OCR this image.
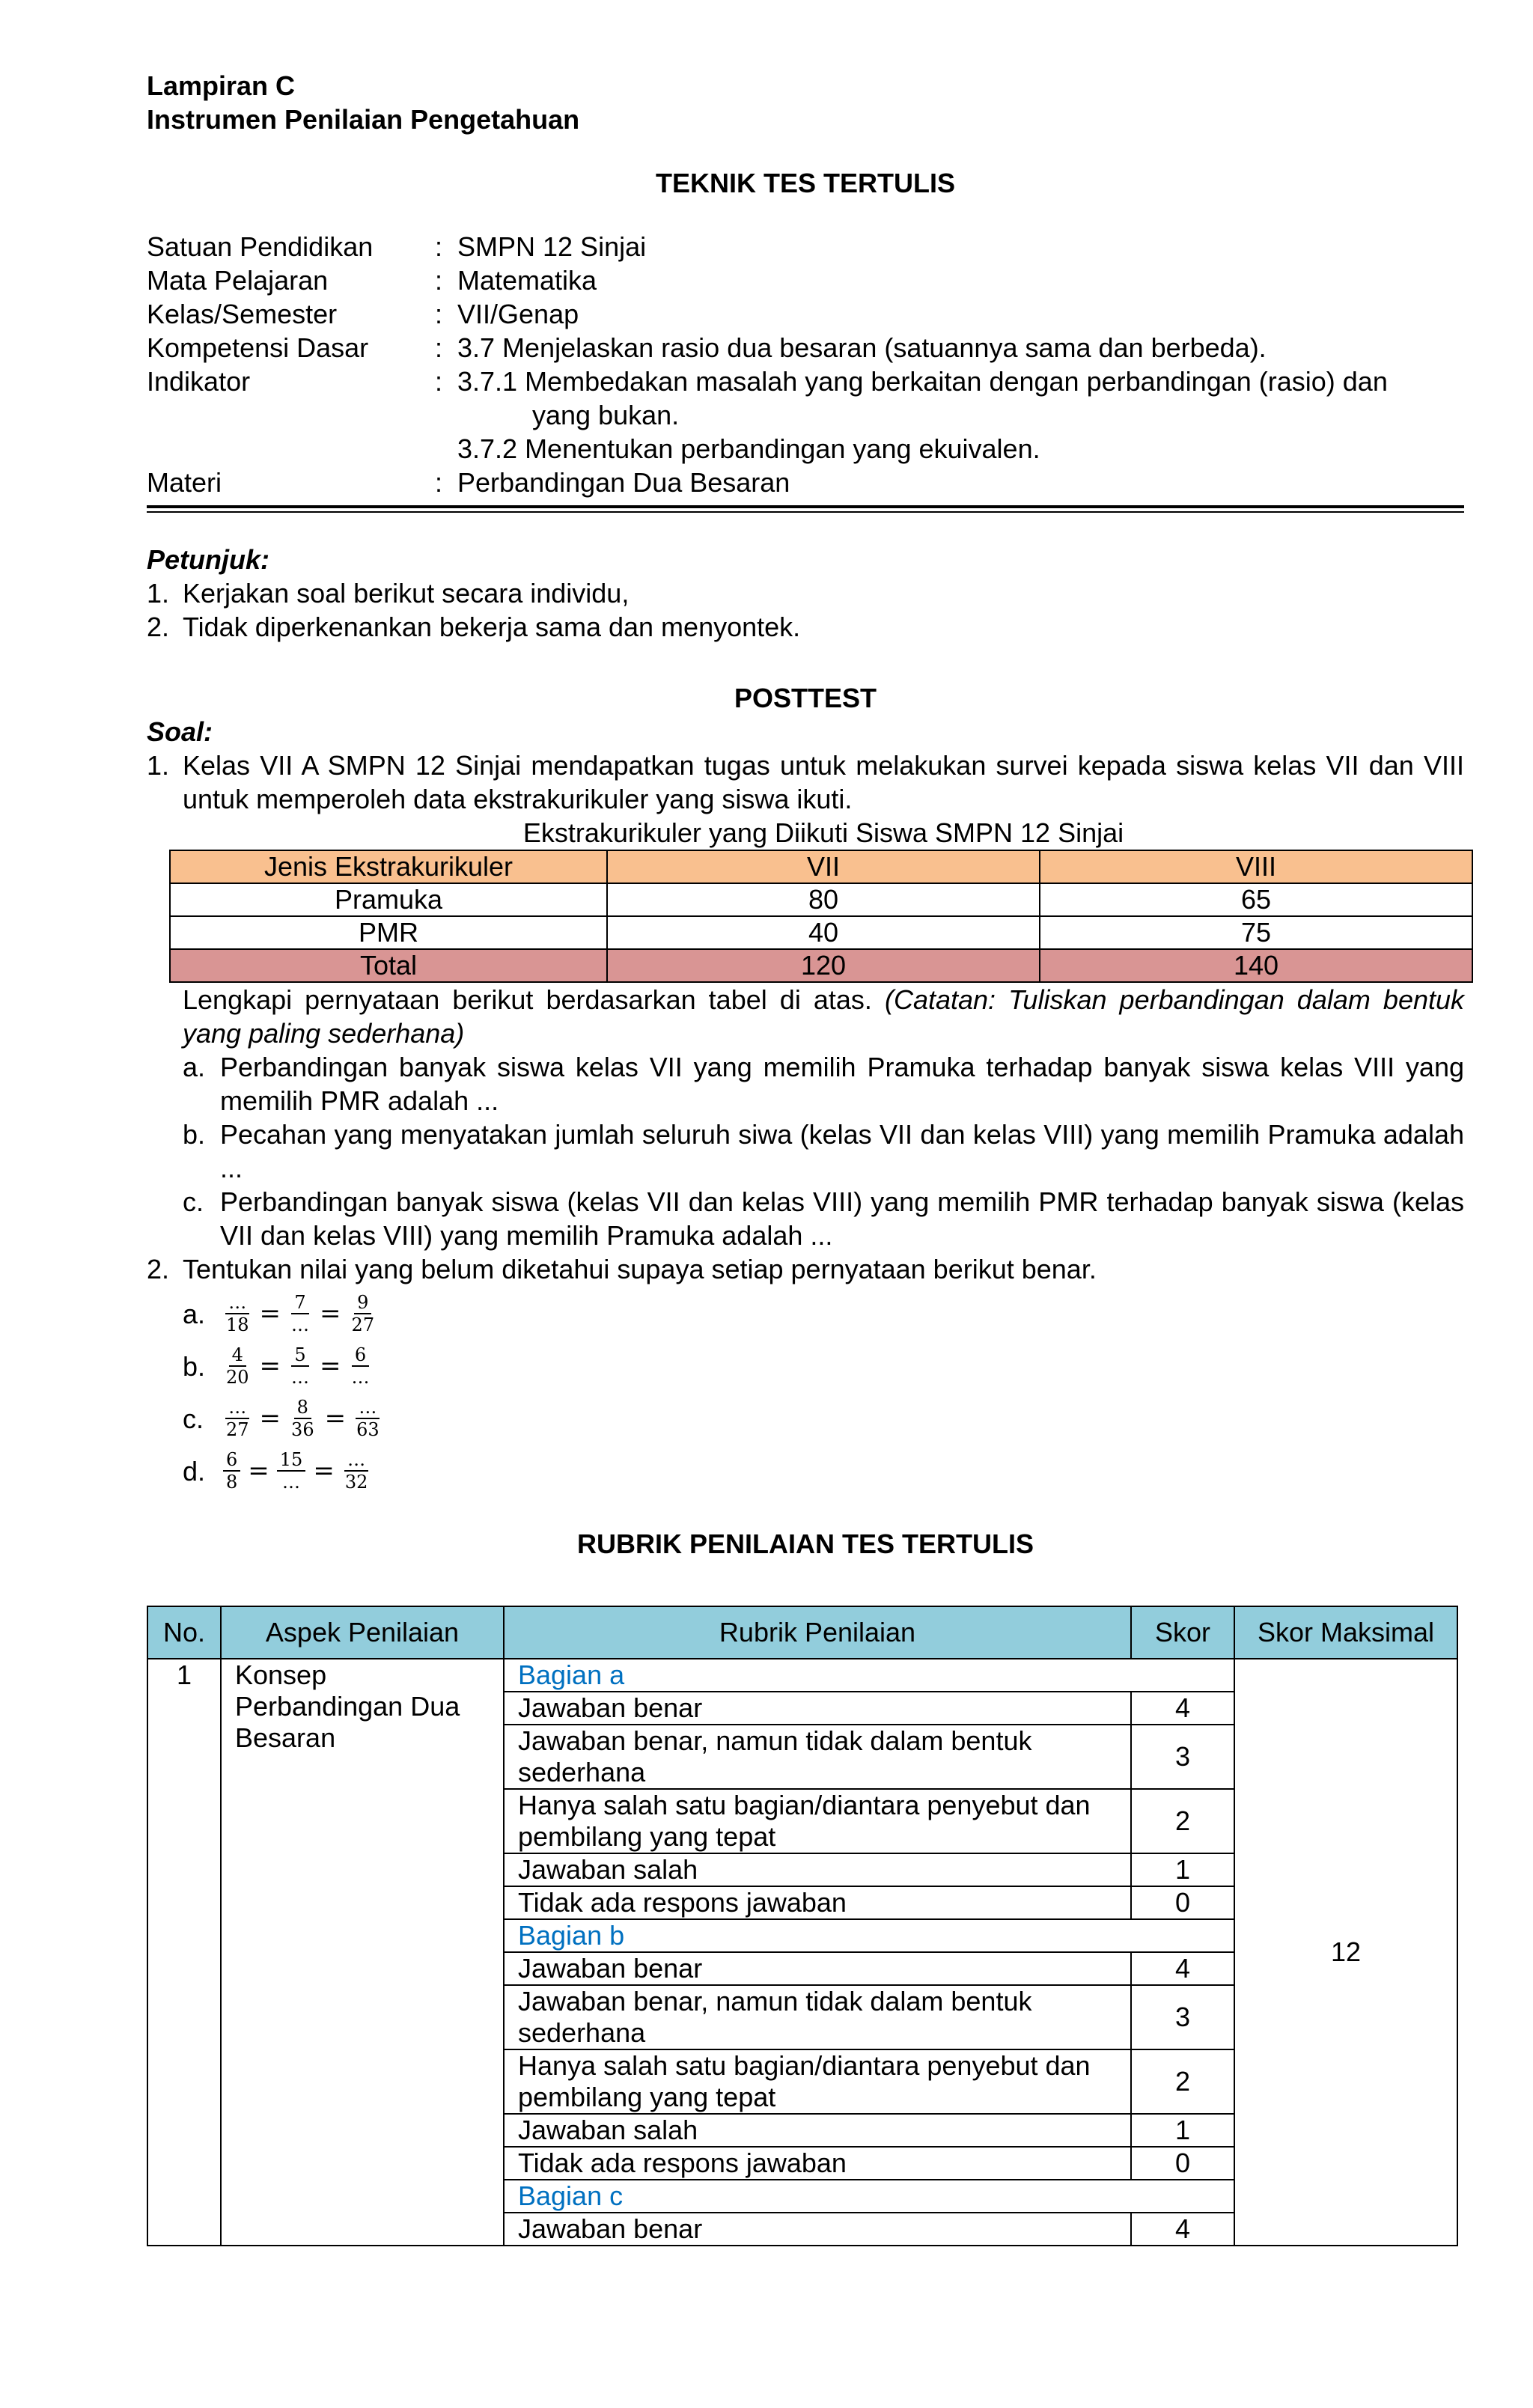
Lampiran C
Instrumen Penilaian Pengetahuan
TEKNIK TES TERTULIS
Satuan Pendidikan	:	SMPN 12 Sinjai
Mata Pelajaran	:	Matematika
Kelas/Semester	:	VII/Genap
Kompetensi Dasar	:	3.7 Menjelaskan rasio dua besaran (satuannya sama dan berbeda).
Indikator	:	3.7.1 Membedakan masalah yang berkaitan dengan perbandingan (rasio) dan
yang bukan.
3.7.2 Menentukan perbandingan yang ekuivalen.

Materi	:	Perbandingan Dua Besaran
Petunjuk:
1. Kerjakan soal berikut secara individu,
2. Tidak diperkenankan bekerja sama dan menyontek.
POSTTEST
Soal:
1. Kelas VII A SMPN 12 Sinjai mendapatkan tugas untuk melakukan survei kepada siswa kelas VII dan VIII untuk memperoleh data ekstrakurikuler yang siswa ikuti.
Ekstrakurikuler yang Diikuti Siswa SMPN 12 Sinjai
Jenis Ekstrakurikuler	VII	VIII
Pramuka	80	65
PMR	40	75
Total	120	140
Lengkapi pernyataan berikut berdasarkan tabel di atas. (Catatan: Tuliskan perbandingan dalam bentuk yang paling sederhana)
a. Perbandingan banyak siswa kelas VII yang memilih Pramuka terhadap banyak siswa kelas VIII yang memilih PMR adalah ...
b. Pecahan yang menyatakan jumlah seluruh siwa (kelas VII dan kelas VIII) yang memilih Pramuka adalah ...
c. Perbandingan banyak siswa (kelas VII dan kelas VIII) yang memilih PMR terhadap banyak siswa (kelas VII dan kelas VIII) yang memilih Pramuka adalah ...
2. Tentukan nilai yang belum diketahui supaya setiap pernyataan berikut benar.
a. $\frac{\dots}{18} = \frac{7}{\dots} = \frac{9}{27}$
b. $\frac{4}{20} = \frac{5}{\dots} = \frac{6}{\dots}$
c.	$\frac{\dots}{27} = \frac{8}{36} = \frac{\dots}{63}$
d. $\frac{6}{8} = \frac{15}{\dots} = \frac{\dots}{32}$
RUBRIK PENILAIAN TES TERTULIS
No.	Aspek Penilaian	Rubrik Penilaian	Skor	Skor Maksimal
1	Konsep Perbandingan Dua Besaran	Bagian a		12
		Jawaban benar	4	
		Jawaban benar, namun tidak dalam bentuk sederhana	3	
		Hanya salah satu bagian/diantara penyebut dan pembilang yang tepat	2	
		Jawaban salah	1	
		Tidak ada respons jawaban	0	
		Bagian b		
		Jawaban benar	4	
		Jawaban benar, namun tidak dalam bentuk sederhana	3	
		Hanya salah satu bagian/diantara penyebut dan pembilang yang tepat	2	
		Jawaban salah	1	
		Tidak ada respons jawaban	0	
		Bagian c		
		Jawaban benar	4	
